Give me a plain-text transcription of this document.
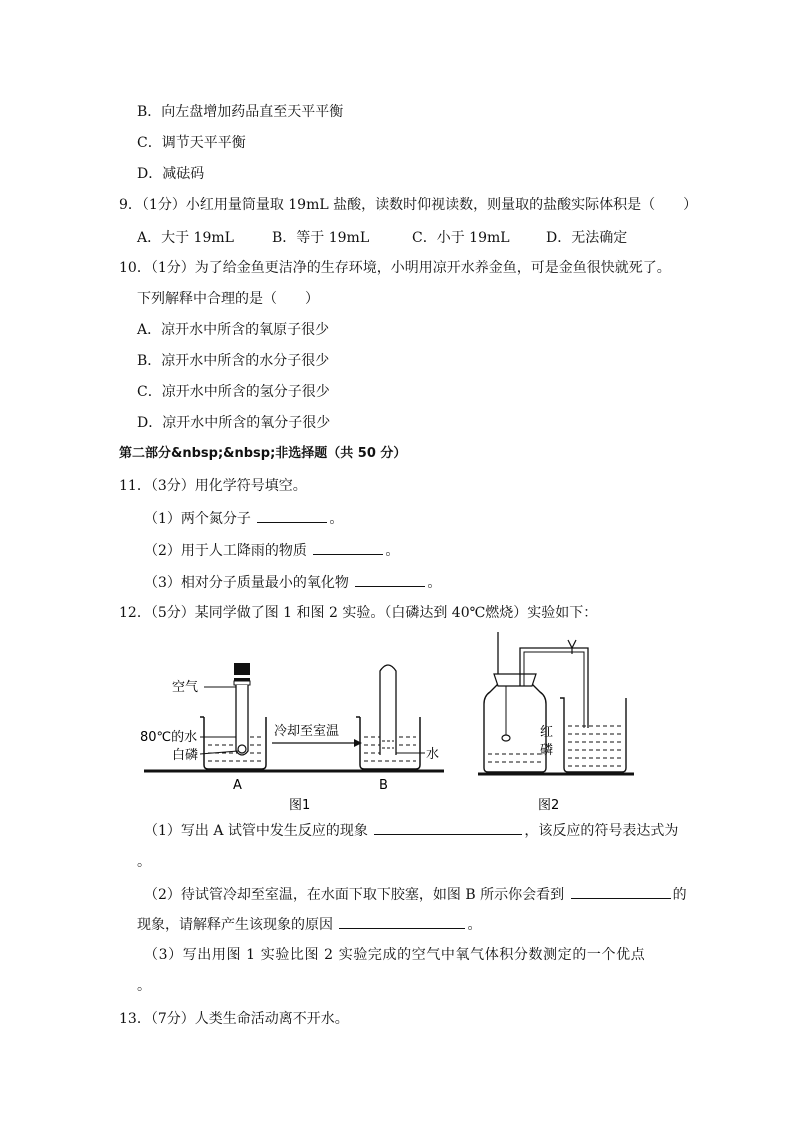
B．向左盘增加药品直至天平平衡
C．调节天平平衡
D．减砝码
9．（1分）小红用量筒量取 19mL 盐酸，读数时仰视读数，则量取的盐酸实际体积是（　　）
A．大于 19mL	B．等于 19mL	C．小于 19mL	D．无法确定
10．（1分）为了给金鱼更洁净的生存环境，小明用凉开水养金鱼，可是金鱼很快就死了。
下列解释中合理的是（　　）
A．凉开水中所含的氧原子很少
B．凉开水中所含的水分子很少
C．凉开水中所含的氢分子很少
D．凉开水中所含的氧分子很少
第二部分&nbsp;&nbsp;非选择题（共 50 分）
11．（3分）用化学符号填空。
（1）两个氮分子	。
（2）用于人工降雨的物质	。
（3）相对分子质量最小的氧化物	。
12．（5分）某同学做了图 1 和图 2 实验。（白磷达到 40℃燃烧）实验如下：
空气
80℃的水
白磷
冷却至室温
水
A	B
图1
红
磷
图2
（1）写出 A 试管中发生反应的现象	，该反应的符号表达式为
。
（2）待试管冷却至室温，在水面下取下胶塞，如图 B 所示你会看到	的
现象，请解释产生该现象的原因	。
（3）写出用图 1 实验比图 2 实验完成的空气中氧气体积分数测定的一个优点
。
13．（7分）人类生命活动离不开水。
